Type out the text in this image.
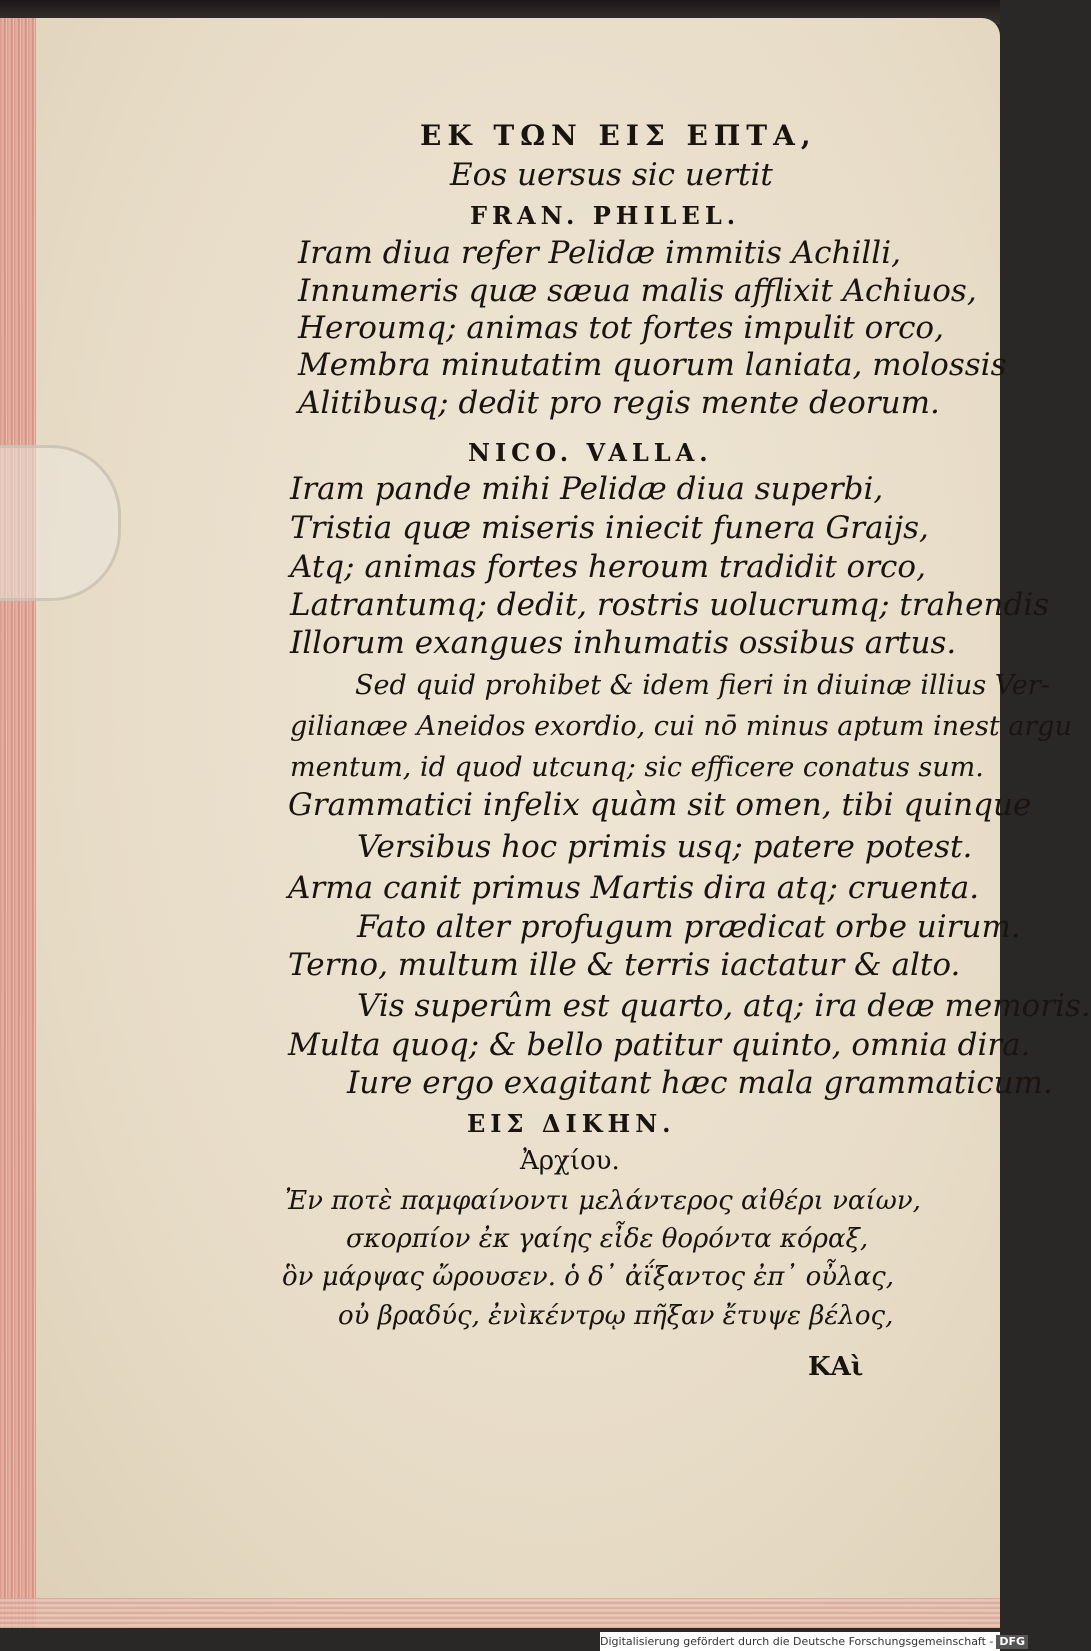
ΕΚ ΤΩΝ ΕΙΣ ΕΠΤΑ,
Eos uersus sic uertit
FRAN. PHILEL.
Iram diua refer Pelidæ immitis Achilli,
Innumeris quæ sæua malis afflixit Achiuos,
Heroumq; animas tot fortes impulit orco,
Membra minutatim quorum laniata, molossis
Alitibusq; dedit pro regis mente deorum.
NICO. VALLA.
Iram pande mihi Pelidæ diua superbi,
Tristia quæ miseris iniecit funera Graijs,
Atq; animas fortes heroum tradidit orco,
Latrantumq; dedit, rostris uolucrumq; trahendis
Illorum exangues inhumatis ossibus artus.
Sed quid prohibet & idem fieri in diuinæ illius Ver-
gilianæe Aneidos exordio, cui nō minus aptum inest argu
mentum, id quod utcunq; sic efficere conatus sum.
Grammatici infelix quàm sit omen, tibi quinque
Versibus hoc primis usq; patere potest.
Arma canit primus Martis dira atq; cruenta.
Fato alter profugum prædicat orbe uirum.
Terno, multum ille & terris iactatur & alto.
Vis superûm est quarto, atq; ira deæ memoris.
Multa quoq; & bello patitur quinto, omnia dira.
Iure ergo exagitant hæc mala grammaticum.
ΕΙΣ ΔΙΚΗΝ.
Ἀρχίου.
Ἐν ποτὲ παμφαίνοντι μελάντερος αἰθέρι ναίων,
σκορπίον ἐκ γαίης εἶδε θορόντα κόραξ,
ὃν μάρψας ὤρουσεν. ὁ δ᾽ ἀΐξαντος ἐπ᾽ οὖλας,
οὐ βραδύς, ἐνὶκέντρῳ πῆξαν ἔτυψε βέλος,
ΚΑὶ
Digitalisierung gefördert durch die Deutsche Forschungsgemeinschaft - DFG
